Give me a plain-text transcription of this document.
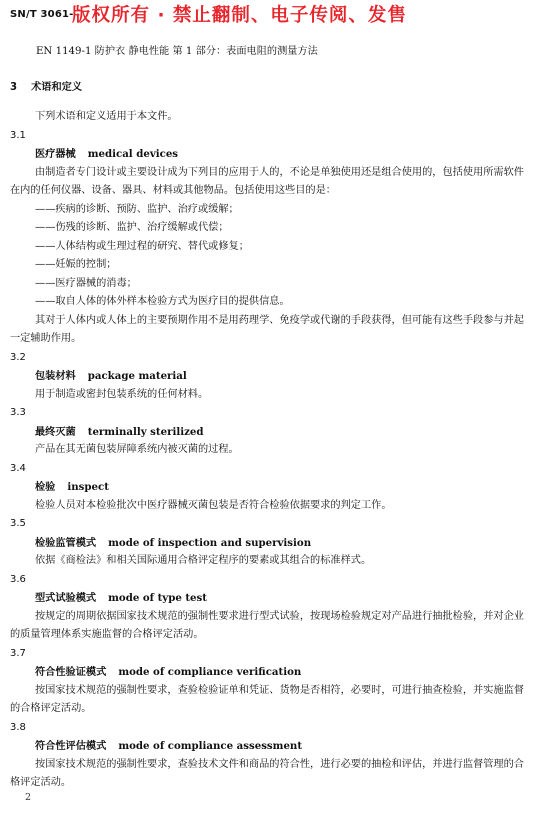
SN/T 3061-
版权所有 · 禁止翻制、电子传阅、发售
EN 1149-1 防护衣 静电性能 第 1 部分：表面电阻的测量方法
3 术语和定义

下列术语和定义适用于本文件。

3.1

医疗器械 medical devices

由制造者专门设计或主要设计成为下列目的应用于人的，不论是单独使用还是组合使用的，包括使用所需软件在内的任何仪器、设备、器具、材料或其他物品。包括使用这些目的是：

——疾病的诊断、预防、监护、治疗或缓解；

——伤残的诊断、监护、治疗缓解或代偿；

——人体结构或生理过程的研究、替代或修复；

——妊娠的控制；

——医疗器械的消毒；

——取自人体的体外样本检验方式为医疗目的提供信息。

其对于人体内或人体上的主要预期作用不是用药理学、免疫学或代谢的手段获得，但可能有这些手段参与并起一定辅助作用。

3.2

包装材料 package material

用于制造或密封包装系统的任何材料。

3.3

最终灭菌 terminally sterilized

产品在其无菌包装屏障系统内被灭菌的过程。

3.4

检验 inspect

检验人员对本检验批次中医疗器械灭菌包装是否符合检验依据要求的判定工作。

3.5

检验监管模式 mode of inspection and supervision

依据《商检法》和相关国际通用合格评定程序的要素或其组合的标准样式。

3.6

型式试验模式 mode of type test

按规定的周期依据国家技术规范的强制性要求进行型式试验，按现场检验规定对产品进行抽批检验，并对企业的质量管理体系实施监督的合格评定活动。

3.7

符合性验证模式 mode of compliance verification

按国家技术规范的强制性要求，查验检验证单和凭证、货物是否相符，必要时，可进行抽查检验，并实施监督的合格评定活动。

3.8

符合性评估模式 mode of compliance assessment

按国家技术规范的强制性要求，查验技术文件和商品的符合性，进行必要的抽检和评估，并进行监督管理的合格评定活动。

2
